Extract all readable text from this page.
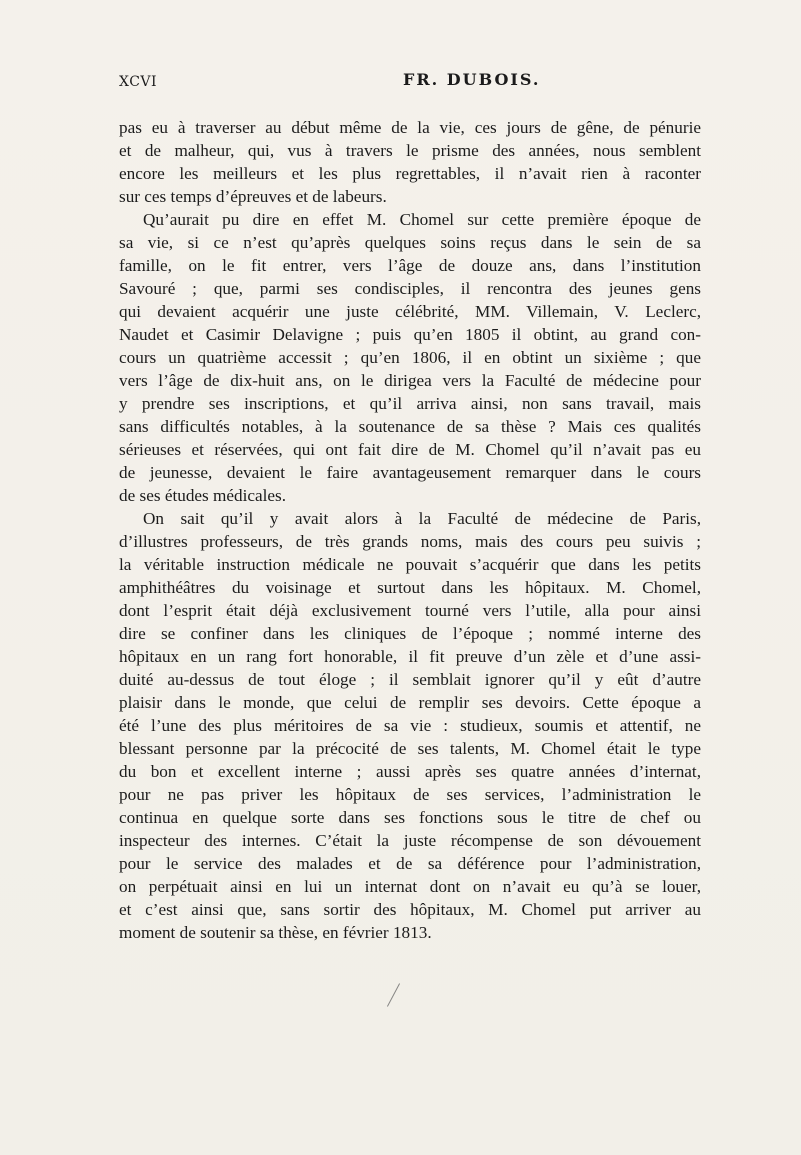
XCVI	FR. DUBOIS.
pas eu à traverser au début même de la vie, ces jours de gêne, de pénurie
et de malheur, qui, vus à travers le prisme des années, nous semblent
encore les meilleurs et les plus regrettables, il n’avait rien à raconter
sur ces temps d’épreuves et de labeurs.
Qu’aurait pu dire en effet M. Chomel sur cette première époque de
sa vie, si ce n’est qu’après quelques soins reçus dans le sein de sa
famille, on le fit entrer, vers l’âge de douze ans, dans l’institution
Savouré ; que, parmi ses condisciples, il rencontra des jeunes gens
qui devaient acquérir une juste célébrité, MM. Villemain, V. Leclerc,
Naudet et Casimir Delavigne ; puis qu’en 1805 il obtint, au grand con-
cours un quatrième accessit ; qu’en 1806, il en obtint un sixième ; que
vers l’âge de dix-huit ans, on le dirigea vers la Faculté de médecine pour
y prendre ses inscriptions, et qu’il arriva ainsi, non sans travail, mais
sans difficultés notables, à la soutenance de sa thèse ? Mais ces qualités
sérieuses et réservées, qui ont fait dire de M. Chomel qu’il n’avait pas eu
de jeunesse, devaient le faire avantageusement remarquer dans le cours
de ses études médicales.
On sait qu’il y avait alors à la Faculté de médecine de Paris,
d’illustres professeurs, de très grands noms, mais des cours peu suivis ;
la véritable instruction médicale ne pouvait s’acquérir que dans les petits
amphithéâtres du voisinage et surtout dans les hôpitaux. M. Chomel,
dont l’esprit était déjà exclusivement tourné vers l’utile, alla pour ainsi
dire se confiner dans les cliniques de l’époque ; nommé interne des
hôpitaux en un rang fort honorable, il fit preuve d’un zèle et d’une assi-
duité au-dessus de tout éloge ; il semblait ignorer qu’il y eût d’autre
plaisir dans le monde, que celui de remplir ses devoirs. Cette époque a
été l’une des plus méritoires de sa vie : studieux, soumis et attentif, ne
blessant personne par la précocité de ses talents, M. Chomel était le type
du bon et excellent interne ; aussi après ses quatre années d’internat,
pour ne pas priver les hôpitaux de ses services, l’administration le
continua en quelque sorte dans ses fonctions sous le titre de chef ou
inspecteur des internes. C’était la juste récompense de son dévouement
pour le service des malades et de sa déférence pour l’administration,
on perpétuait ainsi en lui un internat dont on n’avait eu qu’à se louer,
et c’est ainsi que, sans sortir des hôpitaux, M. Chomel put arriver au
moment de soutenir sa thèse, en février 1813.
